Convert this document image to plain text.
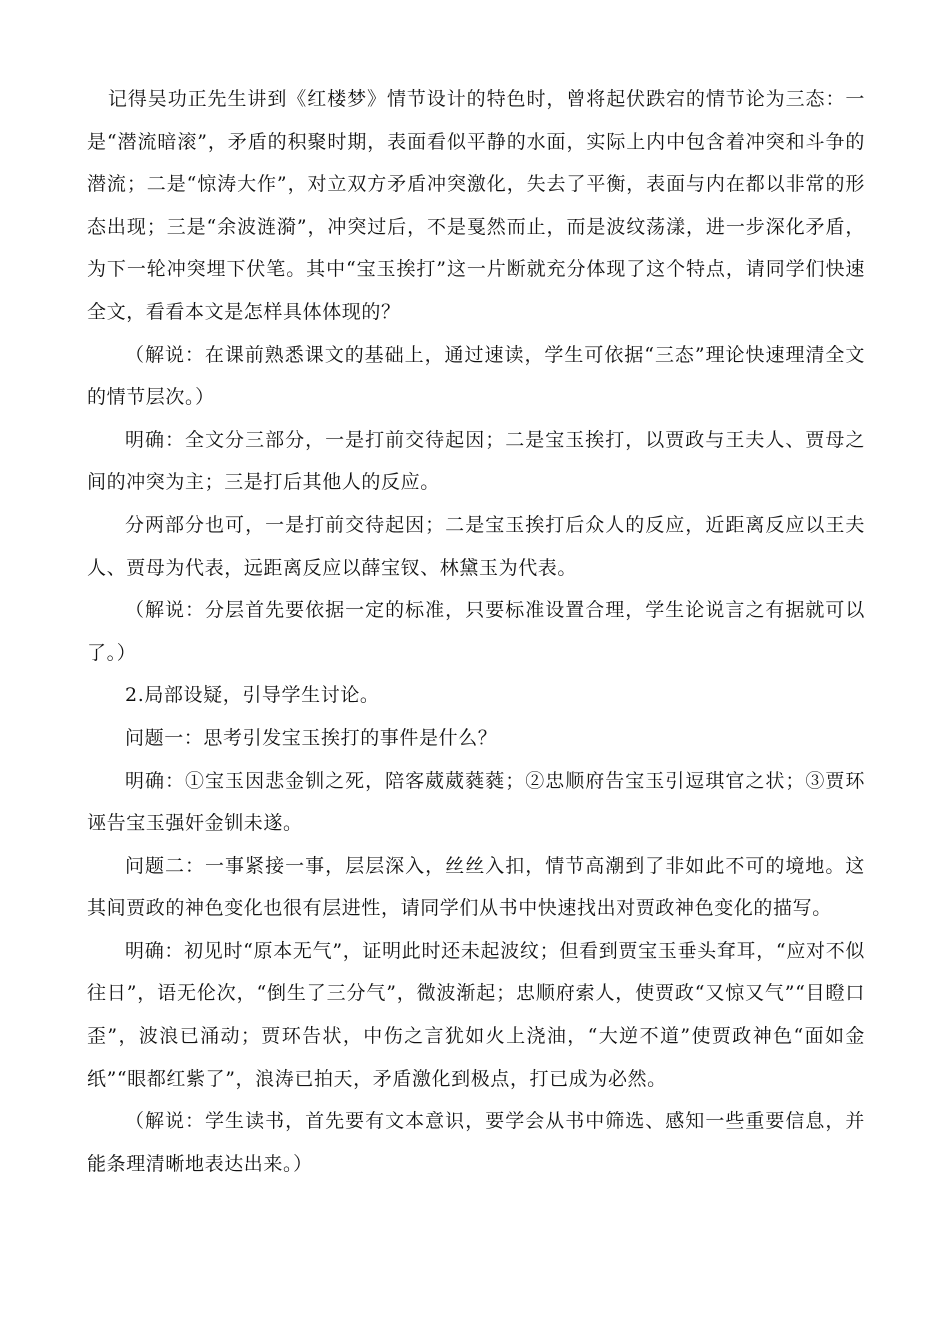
记得吴功正先生讲到《红楼梦》情节设计的特色时，曾将起伏跌宕的情节论为三态：一是“潜流暗滚”，矛盾的积聚时期，表面看似平静的水面，实际上内中包含着冲突和斗争的潜流；二是“惊涛大作”，对立双方矛盾冲突激化，失去了平衡，表面与内在都以非常的形态出现；三是“余波涟漪”，冲突过后，不是戛然而止，而是波纹荡漾，进一步深化矛盾，为下一轮冲突埋下伏笔。其中“宝玉挨打”这一片断就充分体现了这个特点，请同学们快速全文，看看本文是怎样具体体现的？

（解说：在课前熟悉课文的基础上，通过速读，学生可依据“三态”理论快速理清全文的情节层次。）

明确：全文分三部分，一是打前交待起因；二是宝玉挨打，以贾政与王夫人、贾母之间的冲突为主；三是打后其他人的反应。

分两部分也可，一是打前交待起因；二是宝玉挨打后众人的反应，近距离反应以王夫人、贾母为代表，远距离反应以薛宝钗、林黛玉为代表。

（解说：分层首先要依据一定的标准，只要标准设置合理，学生论说言之有据就可以了。）

2.局部设疑，引导学生讨论。

问题一：思考引发宝玉挨打的事件是什么？

明确：①宝玉因悲金钏之死，陪客葳葳蕤蕤；②忠顺府告宝玉引逗琪官之状；③贾环诬告宝玉强奸金钏未遂。

问题二：一事紧接一事，层层深入，丝丝入扣，情节高潮到了非如此不可的境地。这其间贾政的神色变化也很有层进性，请同学们从书中快速找出对贾政神色变化的描写。

明确：初见时“原本无气”，证明此时还未起波纹；但看到贾宝玉垂头耷耳，“应对不似往日”，语无伦次，“倒生了三分气”，微波渐起；忠顺府索人，使贾政“又惊又气”“目瞪口歪”，波浪已涌动；贾环告状，中伤之言犹如火上浇油，“大逆不道”使贾政神色“面如金纸”“眼都红紫了”，浪涛已拍天，矛盾激化到极点，打已成为必然。

（解说：学生读书，首先要有文本意识，要学会从书中筛选、感知一些重要信息，并能条理清晰地表达出来。）
